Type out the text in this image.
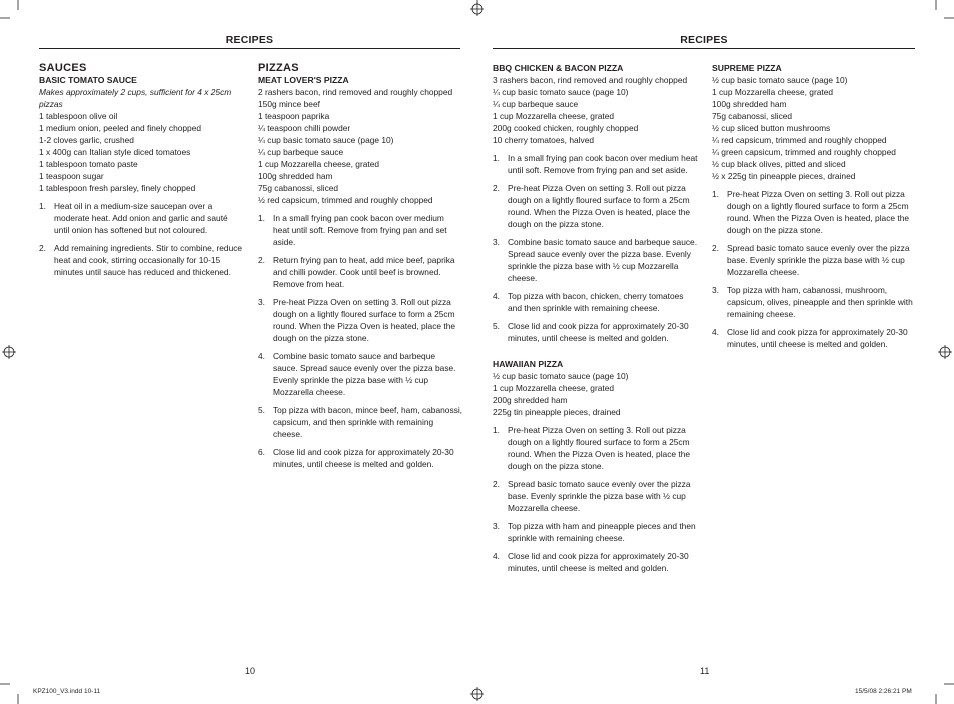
RECIPES	RECIPES

SAUCES

BASIC TOMATO SAUCE

Makes approximately 2 cups, sufficient for 4 x 25cm pizzas

1 tablespoon olive oil
1 medium onion, peeled and finely chopped
1-2 cloves garlic, crushed
1 x 400g can Italian style diced tomatoes
1 tablespoon tomato paste
1 teaspoon sugar
1 tablespoon fresh parsley, finely chopped
1. Heat oil in a medium-size saucepan over a moderate heat. Add onion and garlic and sauté until onion has softened but not coloured.
2. Add remaining ingredients. Stir to combine, reduce heat and cook, stirring occasionally for 10-15 minutes until sauce has reduced and thickened.

PIZZAS

MEAT LOVER'S PIZZA

2 rashers bacon, rind removed and roughly chopped
150g mince beef
1 teaspoon paprika
¼ teaspoon chilli powder
¼ cup basic tomato sauce (page 10)
¼ cup barbeque sauce
1 cup Mozzarella cheese, grated
100g shredded ham
75g cabanossi, sliced
½ red capsicum, trimmed and roughly chopped
1. In a small frying pan cook bacon over medium heat until soft. Remove from frying pan and set aside.
2. Return frying pan to heat, add mice beef, paprika and chilli powder. Cook until beef is browned. Remove from heat.
3. Pre-heat Pizza Oven on setting 3. Roll out pizza dough on a lightly floured surface to form a 25cm round. When the Pizza Oven is heated, place the dough on the pizza stone.
4. Combine basic tomato sauce and barbeque sauce. Spread sauce evenly over the pizza base. Evenly sprinkle the pizza base with ½ cup Mozzarella cheese.
5. Top pizza with bacon, mince beef, ham, cabanossi, capsicum, and then sprinkle with remaining cheese.
6. Close lid and cook pizza for approximately 20-30 minutes, until cheese is melted and golden.

BBQ CHICKEN & BACON PIZZA

3 rashers bacon, rind removed and roughly chopped
¼ cup basic tomato sauce (page 10)
¼ cup barbeque sauce
1 cup Mozzarella cheese, grated
200g cooked chicken, roughly chopped
10 cherry tomatoes, halved
1. In a small frying pan cook bacon over medium heat until soft. Remove from frying pan and set aside.
2. Pre-heat Pizza Oven on setting 3. Roll out pizza dough on a lightly floured surface to form a 25cm round. When the Pizza Oven is heated, place the dough on the pizza stone.
3. Combine basic tomato sauce and barbeque sauce. Spread sauce evenly over the pizza base. Evenly sprinkle the pizza base with ½ cup Mozzarella cheese.
4. Top pizza with bacon, chicken, cherry tomatoes and then sprinkle with remaining cheese.
5. Close lid and cook pizza for approximately 20-30 minutes, until cheese is melted and golden.

HAWAIIAN PIZZA

½ cup basic tomato sauce (page 10)
1 cup Mozzarella cheese, grated
200g shredded ham
225g tin pineapple pieces, drained
1. Pre-heat Pizza Oven on setting 3. Roll out pizza dough on a lightly floured surface to form a 25cm round. When the Pizza Oven is heated, place the dough on the pizza stone.
2. Spread basic tomato sauce evenly over the pizza base. Evenly sprinkle the pizza base with ½ cup Mozzarella cheese.
3. Top pizza with ham and pineapple pieces and then sprinkle with remaining cheese.
4. Close lid and cook pizza for approximately 20-30 minutes, until cheese is melted and golden.

SUPREME PIZZA

½ cup basic tomato sauce (page 10)
1 cup Mozzarella cheese, grated
100g shredded ham
75g cabanossi, sliced
½ cup sliced button mushrooms
¼ red capsicum, trimmed and roughly chopped
¼ green capsicum, trimmed and roughly chopped
½ cup black olives, pitted and sliced
½ x 225g tin pineapple pieces, drained
1. Pre-heat Pizza Oven on setting 3. Roll out pizza dough on a lightly floured surface to form a 25cm round. When the Pizza Oven is heated, place the dough on the pizza stone.
2. Spread basic tomato sauce evenly over the pizza base. Evenly sprinkle the pizza base with ½ cup Mozzarella cheese.
3. Top pizza with ham, cabanossi, mushroom, capsicum, olives, pineapple and then sprinkle with remaining cheese.
4. Close lid and cook pizza for approximately 20-30 minutes, until cheese is melted and golden.
10	11
KPZ100_V3.indd 10-11	15/5/08 2:26:21 PM
